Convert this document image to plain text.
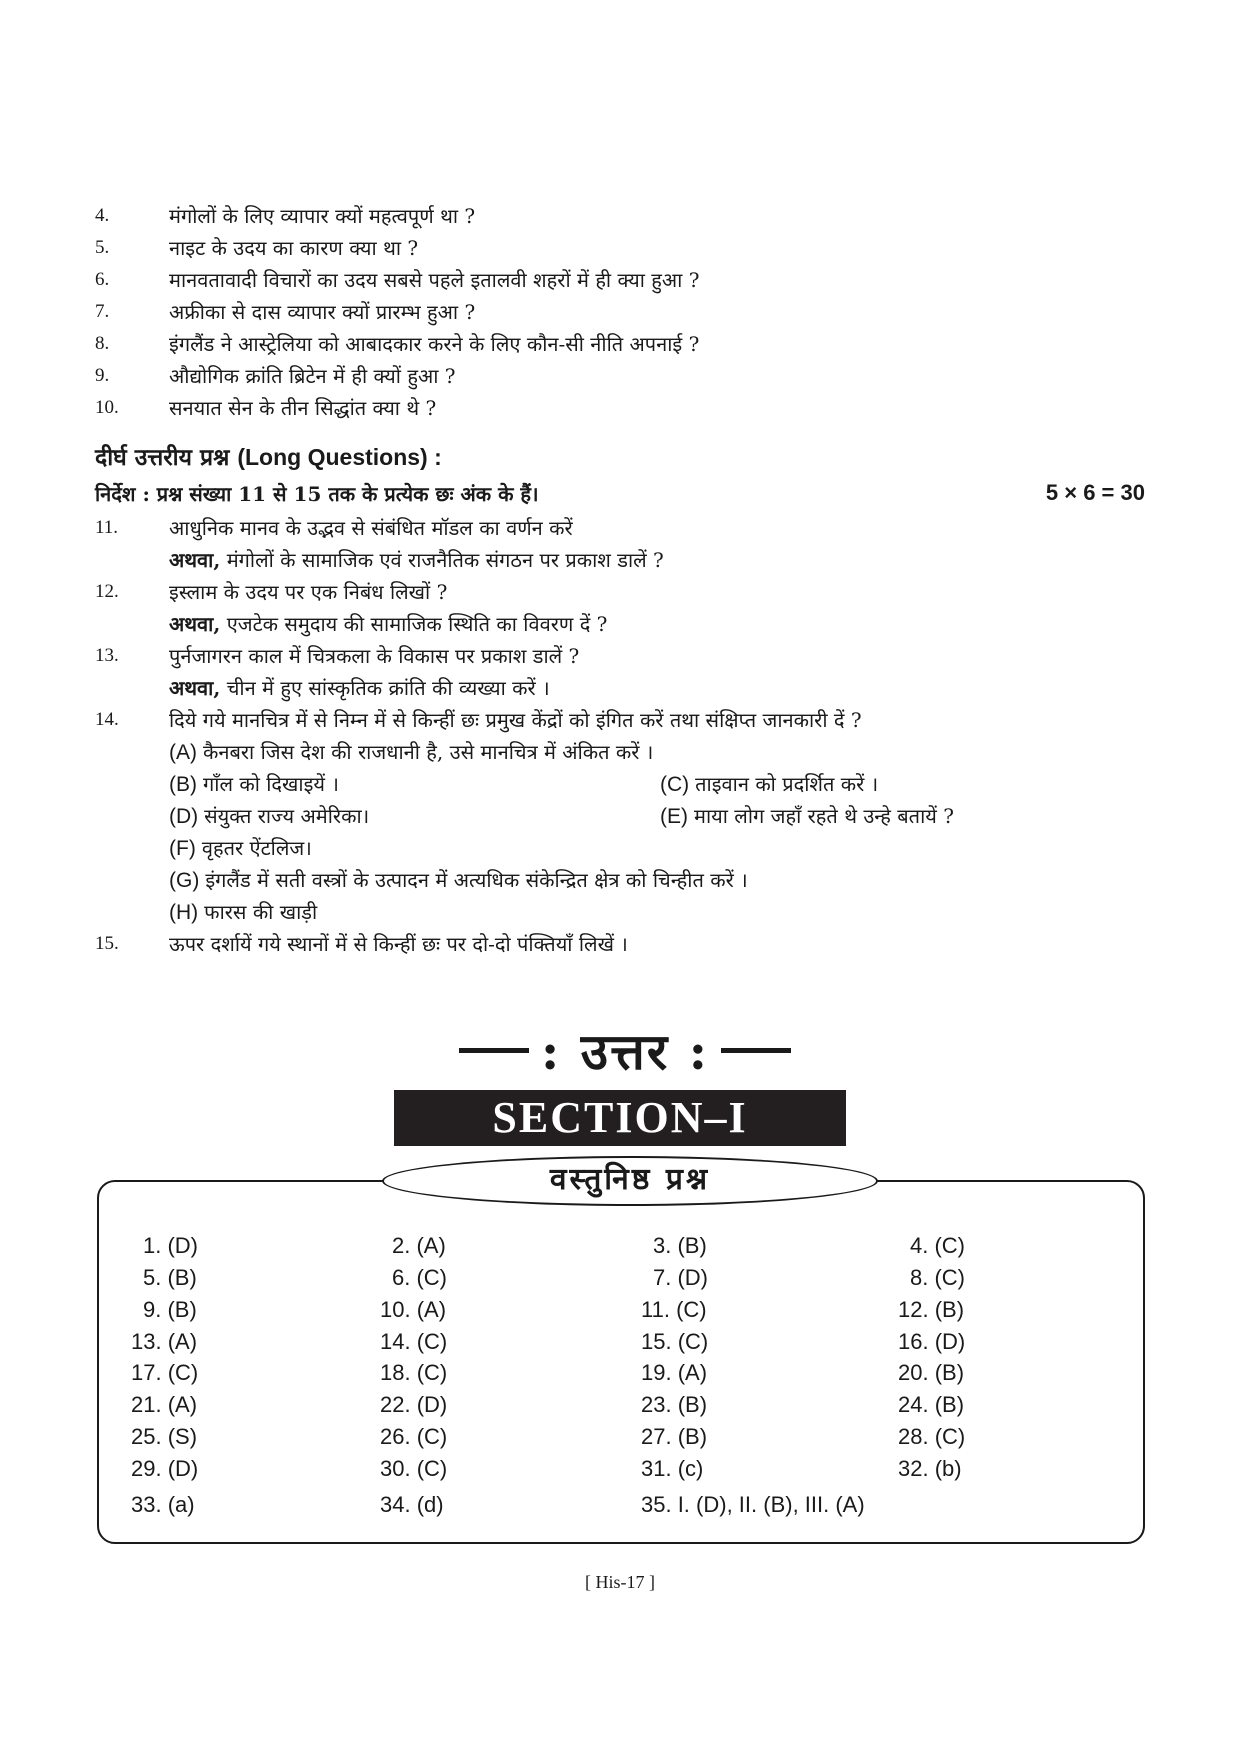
4.	मंगोलों के लिए व्यापार क्यों महत्वपूर्ण था ?
5.	नाइट के उदय का कारण क्या था ?
6.	मानवतावादी विचारों का उदय सबसे पहले इतालवी शहरों में ही क्या हुआ ?
7.	अफ्रीका से दास व्यापार क्यों प्रारम्भ हुआ ?
8.	इंगलैंड ने आस्ट्रेलिया को आबादकार करने के लिए कौन-सी नीति अपनाई ?
9.	औद्योगिक क्रांति ब्रिटेन में ही क्यों हुआ ?
10.	सनयात सेन के तीन सिद्धांत क्या थे ?
दीर्घ उत्तरीय प्रश्न (Long Questions) :
निर्देश : प्रश्न संख्या 11 से 15 तक के प्रत्येक छः अंक के हैं।	5 × 6 = 30
11.	आधुनिक मानव के उद्भव से संबंधित मॉडल का वर्णन करें
अथवा, मंगोलों के सामाजिक एवं राजनैतिक संगठन पर प्रकाश डालें ?
12.	इस्लाम के उदय पर एक निबंध लिखों ?
अथवा, एजटेक समुदाय की सामाजिक स्थिति का विवरण दें ?
13.	पुर्नजागरन काल में चित्रकला के विकास पर प्रकाश डालें ?
अथवा, चीन में हुए सांस्कृतिक क्रांति की व्यख्या करें ।
14.	दिये गये मानचित्र में से निम्न में से किन्हीं छः प्रमुख केंद्रों को इंगित करें तथा संक्षिप्त जानकारी दें ?
(A) कैनबरा जिस देश की राजधानी है, उसे मानचित्र में अंकित करें ।
(B) गाँल को दिखाइयें ।	(C) ताइवान को प्रदर्शित करें ।
(D) संयुक्त राज्य अमेरिका।	(E) माया लोग जहाँ रहते थे उन्हे बतायें ?
(F) वृहतर ऐंटलिज।
(G) इंगलैंड में सती वस्त्रों के उत्पादन में अत्यधिक संकेन्द्रित क्षेत्र को चिन्हीत करें ।
(H) फारस की खाड़ी
15.	ऊपर दर्शायें गये स्थानों में से किन्हीं छः पर दो-दो पंक्तियाँ लिखें ।
: उत्तर :
SECTION–I
वस्तुनिष्ठ प्रश्न
1. (D)	2. (A)	3. (B)	4. (C)
5. (B)	6. (C)	7. (D)	8. (C)
9. (B)	10. (A)	11. (C)	12. (B)
13. (A)	14. (C)	15. (C)	16. (D)
17. (C)	18. (C)	19. (A)	20. (B)
21. (A)	22. (D)	23. (B)	24. (B)
25. (S)	26. (C)	27. (B)	28. (C)
29. (D)	30. (C)	31. (c)	32. (b)
33. (a)	34. (d)	35. I. (D), II. (B), III. (A)
[ His-17 ]
